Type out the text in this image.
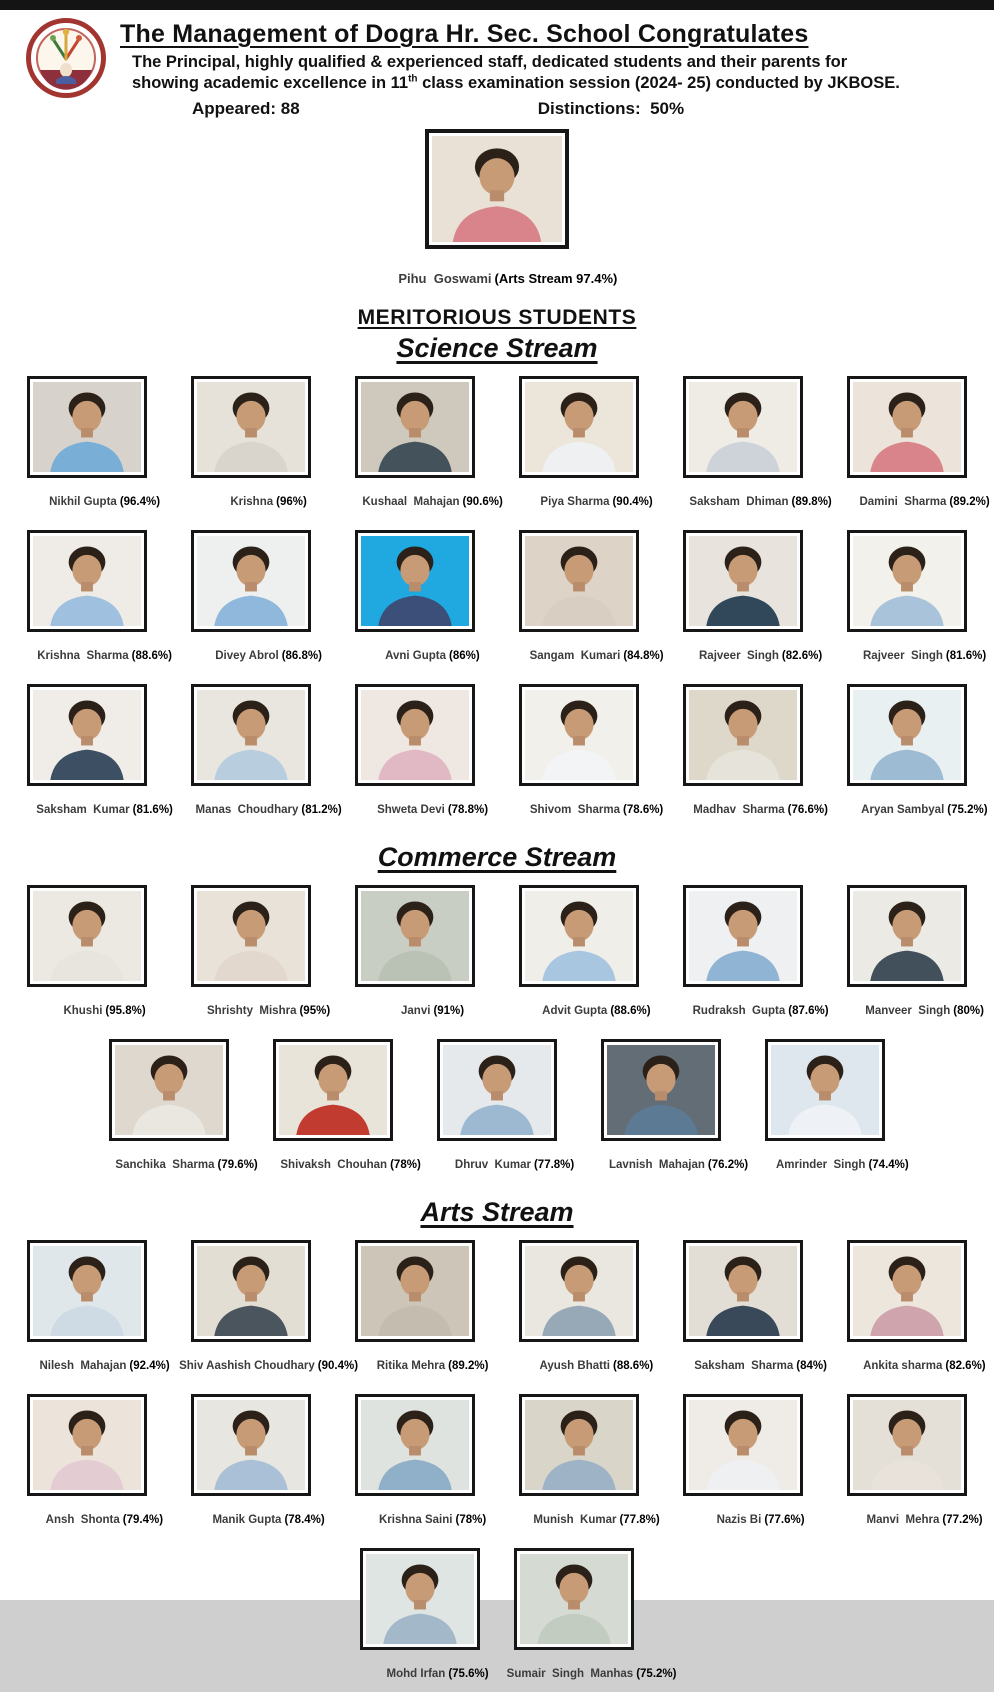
The Management of Dogra Hr. Sec. School Congratulates
The Principal, highly qualified & experienced staff, dedicated students and their parents for
showing academic excellence in 11th class examination session (2024- 25) conducted by JKBOSE.
Appeared: 88	Distinctions:  50%

Pihu  Goswami (Arts Stream 97.4%)

MERITORIOUS STUDENTS
Science Stream

Nikhil Gupta (96.4%)
	Krishna (96%)
	Kushaal  Mahajan (90.6%)
	Piya Sharma (90.4%)
	Saksham  Dhiman (89.8%)
	Damini  Sharma (89.2%)

Krishna  Sharma (88.6%)
	Divey Abrol (86.8%)
	Avni Gupta (86%)
	Sangam  Kumari (84.8%)
	Rajveer  Singh (82.6%)
	Rajveer  Singh (81.6%)

Saksham  Kumar (81.6%)
	Manas  Choudhary (81.2%)
	Shweta Devi (78.8%)
	Shivom  Sharma (78.6%)
	Madhav  Sharma (76.6%)
	Aryan Sambyal (75.2%)

Commerce Stream

Khushi (95.8%)
	Shrishty  Mishra (95%)
	Janvi (91%)
	Advit Gupta (88.6%)
	Rudraksh  Gupta (87.6%)
	Manveer  Singh (80%)

Sanchika  Sharma (79.6%)
	Shivaksh  Chouhan (78%)
	Dhruv  Kumar (77.8%)
	Lavnish  Mahajan (76.2%)
	Amrinder  Singh (74.4%)

Arts Stream

Nilesh  Mahajan (92.4%)
Shiv Aashish Choudhary (90.4%)
	Ritika Mehra (89.2%)
	Ayush Bhatti (88.6%)
	Saksham  Sharma (84%)
	Ankita sharma (82.6%)

Ansh  Shonta (79.4%)
	Manik Gupta (78.4%)
	Krishna Saini (78%)
	Munish  Kumar (77.8%)
	Nazis Bi (77.6%)
	Manvi  Mehra (77.2%)

Mohd Irfan (75.6%)
	Sumair  Singh  Manhas (75.2%)
